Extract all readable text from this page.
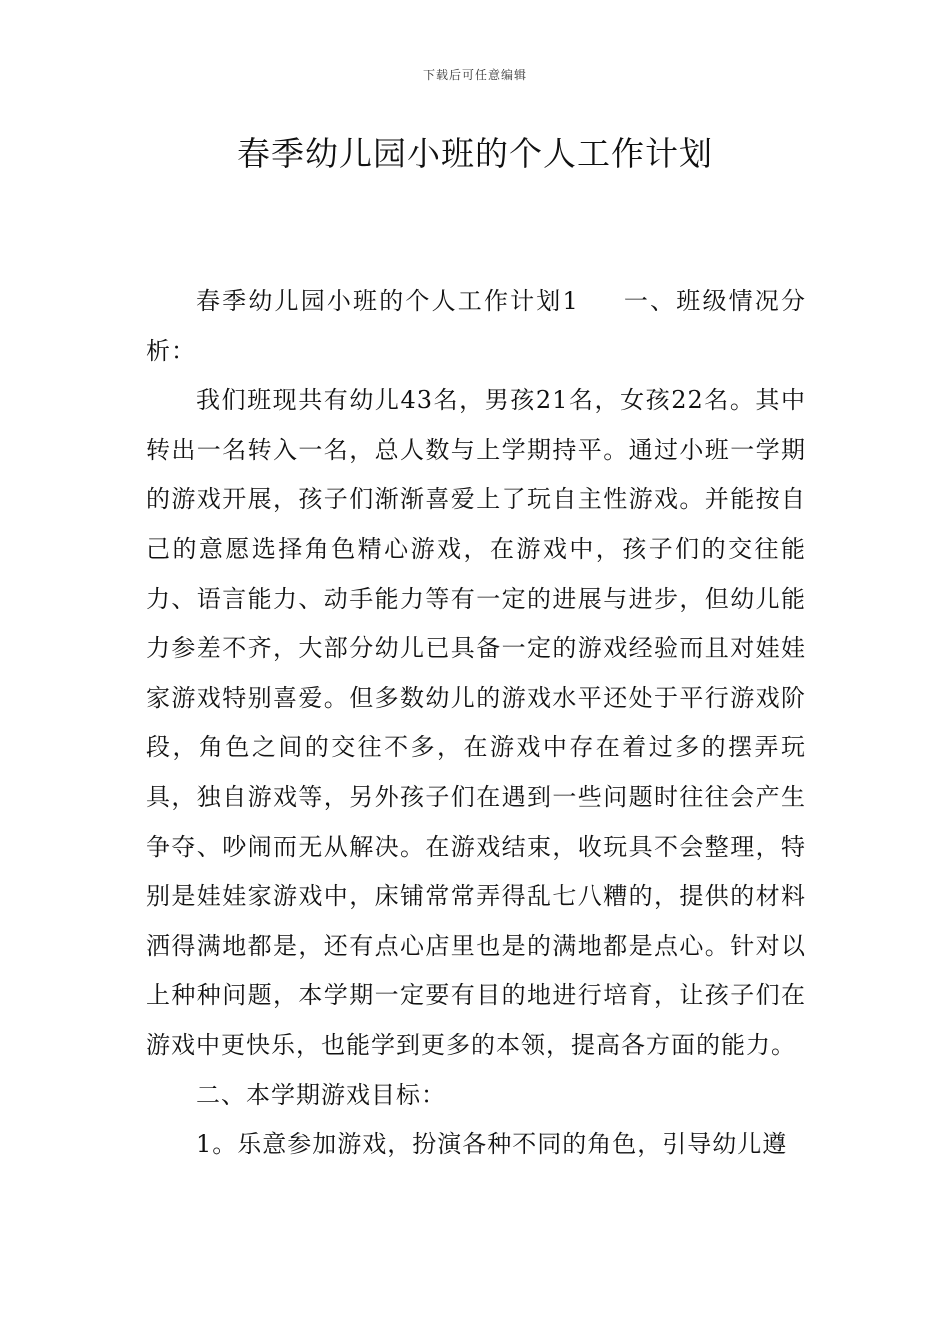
下载后可任意编辑
春季幼儿园小班的个人工作计划

春季幼儿园小班的个人工作计划1 一、班级情况分析：

我们班现共有幼儿43名，男孩21名，女孩22名。其中转出一名转入一名，总人数与上学期持平。通过小班一学期的游戏开展，孩子们渐渐喜爱上了玩自主性游戏。并能按自己的意愿选择角色精心游戏，在游戏中，孩子们的交往能力、语言能力、动手能力等有一定的进展与进步，但幼儿能力参差不齐，大部分幼儿已具备一定的游戏经验而且对娃娃家游戏特别喜爱。但多数幼儿的游戏水平还处于平行游戏阶段，角色之间的交往不多，在游戏中存在着过多的摆弄玩具，独自游戏等，另外孩子们在遇到一些问题时往往会产生争夺、吵闹而无从解决。在游戏结束，收玩具不会整理，特别是娃娃家游戏中，床铺常常弄得乱七八糟的，提供的材料洒得满地都是，还有点心店里也是的满地都是点心。针对以上种种问题，本学期一定要有目的地进行培育，让孩子们在游戏中更快乐，也能学到更多的本领，提高各方面的能力。

二、本学期游戏目标：

1。乐意参加游戏，扮演各种不同的角色，引导幼儿遵
